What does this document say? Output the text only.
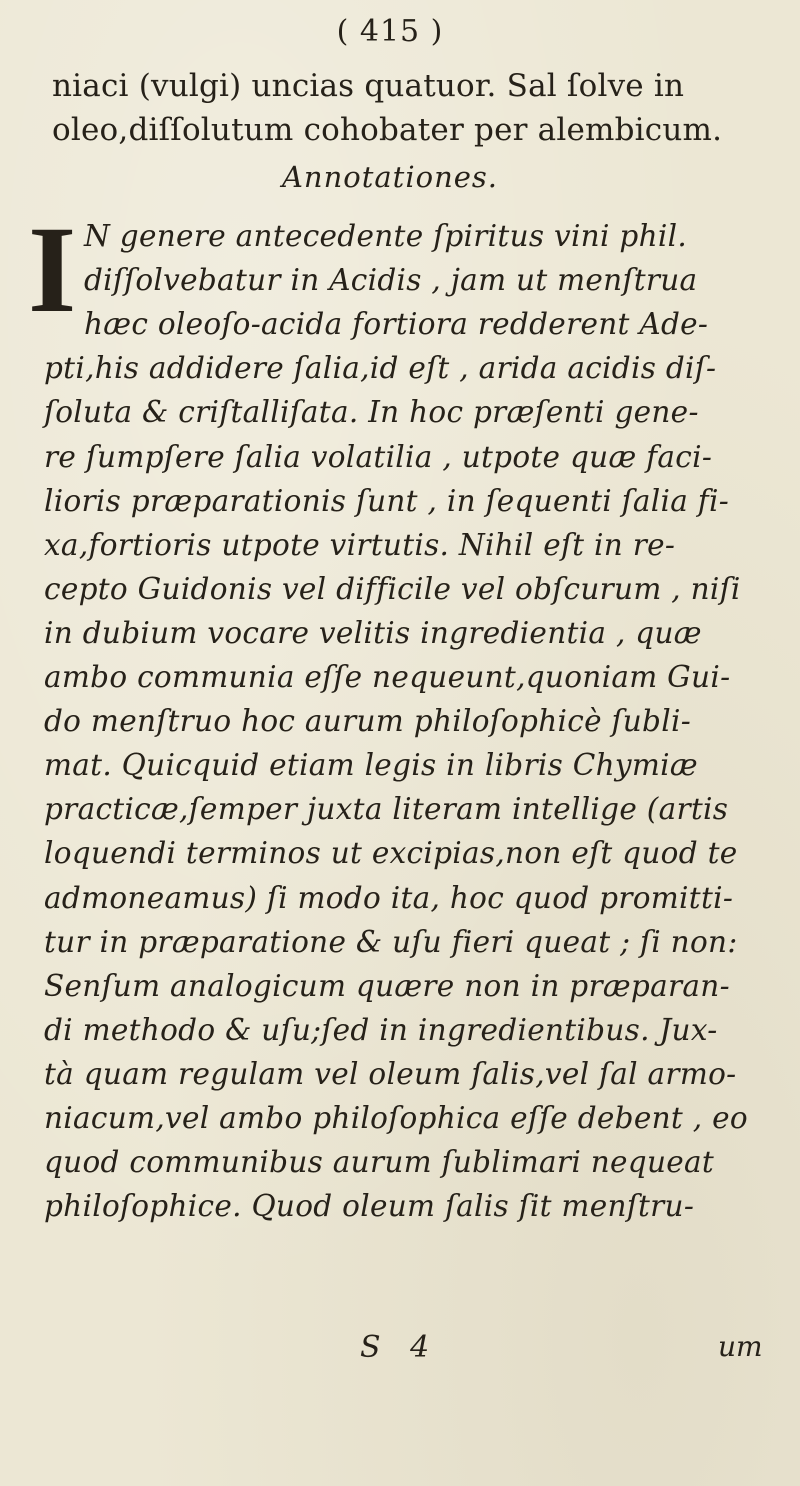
( 415 )
niaci (vulgi) uncias quatuor. Sal ſolve in
oleo,diſſolutum cohobater per alembicum.
Annotationes.
I N genere antecedente ſpiritus vini phil.
diſſolvebatur in Acidis , jam ut menſtrua
hæc oleoſo-acida fortiora redderent Ade-
pti,his addidere ſalia,id eſt , arida acidis diſ-
ſoluta & criſtalliſata. In hoc præſenti gene-
re ſumpſere ſalia volatilia , utpote quæ faci-
lioris præparationis ſunt , in ſequenti ſalia fi-
xa,fortioris utpote virtutis. Nihil eſt in re-
cepto Guidonis vel difficile vel obſcurum , niſi
in dubium vocare velitis ingredientia , quæ
ambo communia eſſe nequeunt,quoniam Gui-
do menſtruo hoc aurum philoſophicè ſubli-
mat. Quicquid etiam legis in libris Chymiæ
practicæ,ſemper juxta literam intellige (artis
loquendi terminos ut excipias,non eſt quod te
admoneamus) ſi modo ita, hoc quod promitti-
tur in præparatione & uſu fieri queat ; ſi non:
Senſum analogicum quære non in præparan-
di methodo & uſu;ſed in ingredientibus. Jux-
tà quam regulam vel oleum ſalis,vel ſal armo-
niacum,vel ambo philoſophica eſſe debent , eo
quod communibus aurum ſublimari nequeat
philoſophice. Quod oleum ſalis ſit menſtru-
S 4	um
